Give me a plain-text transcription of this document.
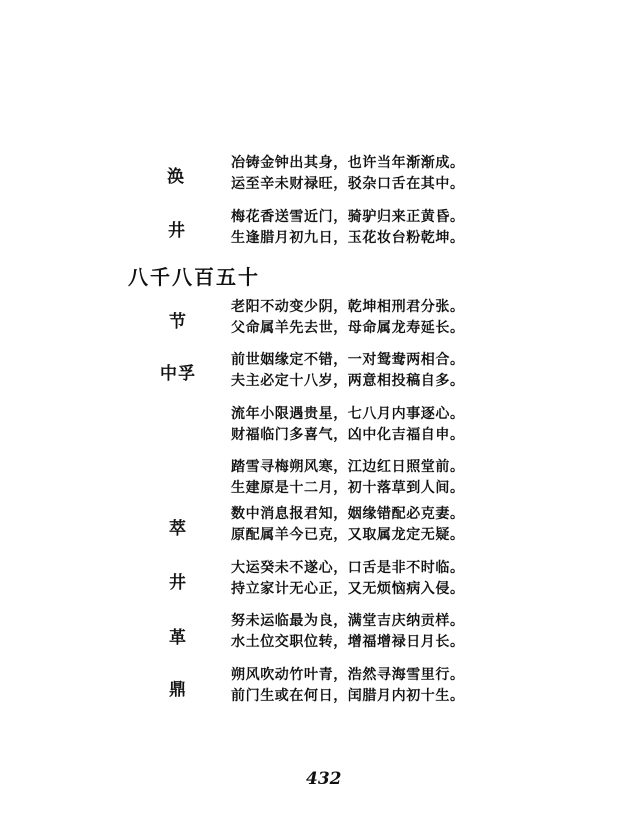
涣
冶铸金钟出其身，也许当年渐渐成。
运至辛未财禄旺，驳杂口舌在其中。
井
梅花香送雪近门，骑驴归来正黄昏。
生逢腊月初九日，玉花妆台粉乾坤。
八千八百五十
节
中孚
萃
井
革
鼎
老阳不动变少阴，乾坤相刑君分张。
父命属羊先去世，母命属龙寿延长。
前世姻缘定不错，一对鸳鸯两相合。
夫主必定十八岁，两意相投稿自多。
流年小限遇贵星，七八月内事逐心。
财福临门多喜气，凶中化吉福自申。
踏雪寻梅朔风寒，江边红日照堂前。
生建原是十二月，初十落草到人间。
数中消息报君知，姻缘错配必克妻。
原配属羊今已克，又取属龙定无疑。
大运癸未不遂心，口舌是非不时临。
持立家计无心正，又无烦恼病入侵。
努未运临最为良，满堂吉庆纳贡样。
水土位交职位转，增福增禄日月长。
朔风吹动竹叶青，浩然寻海雪里行。
前门生或在何日，闰腊月内初十生。
432
